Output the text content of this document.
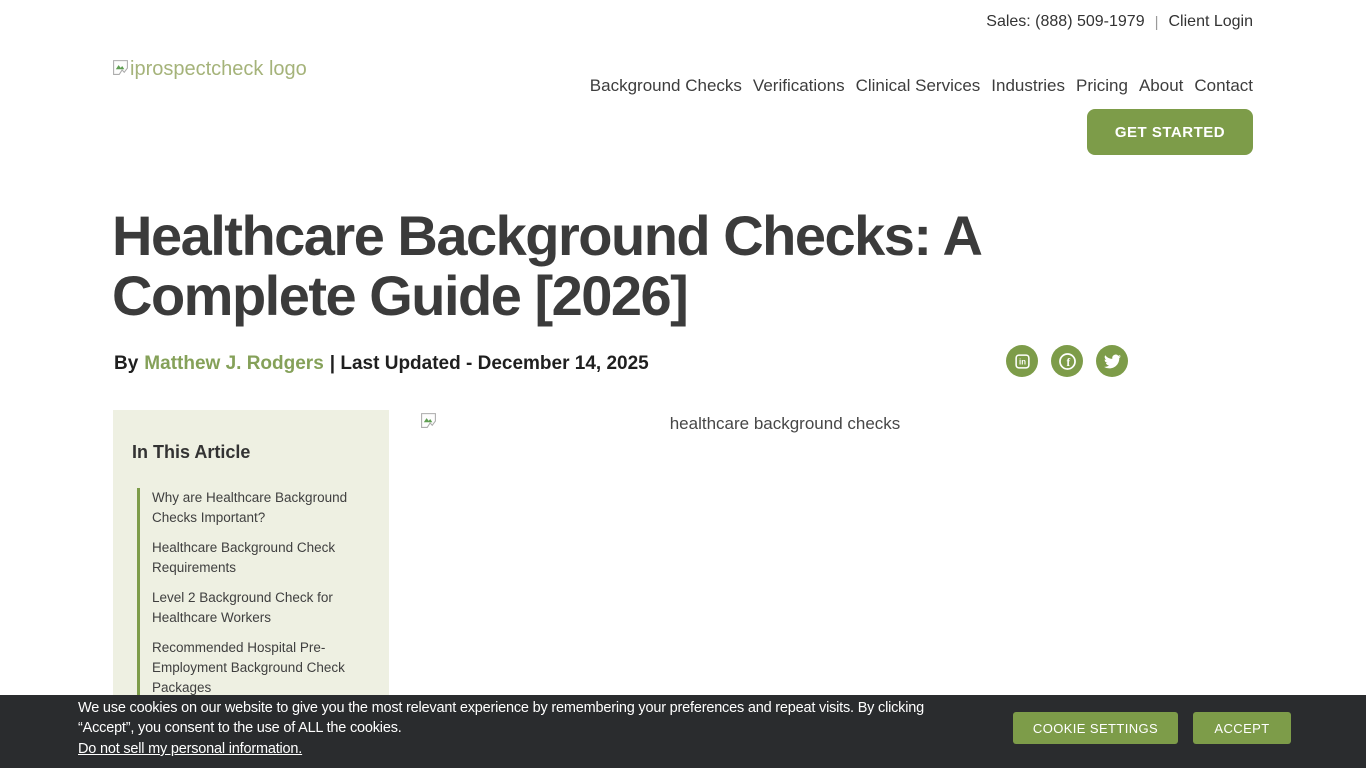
Sales: (888) 509-1979 | Client Login
iprospectcheck logo
Background Checks Verifications Clinical Services Industries Pricing About Contact
GET STARTED
Healthcare Background Checks: A Complete Guide [2026]
By Matthew J. Rodgers | Last Updated - December 14, 2025	in	f
In This Article
Why are Healthcare Background Checks Important?
Healthcare Background Check Requirements
Level 2 Background Check for Healthcare Workers
Recommended Hospital Pre-Employment Background Check Packages
healthcare background checks
We use cookies on our website to give you the most relevant experience by remembering your preferences and repeat visits. By clicking “Accept”, you consent to the use of ALL the cookies.
Do not sell my personal information.
COOKIE SETTINGS	ACCEPT
